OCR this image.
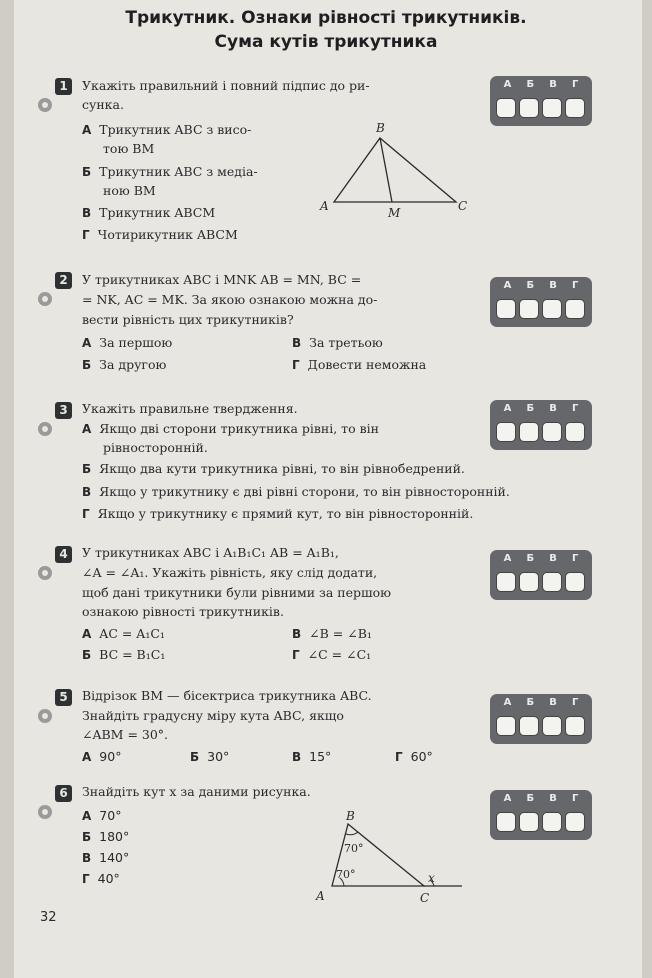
Трикутник. Ознаки рівності трикутників.
Сума кутів трикутника
А Б В Г
А Б В Г
А Б В Г
А Б В Г
А Б В Г
А Б В Г
1	Укажіть правильний і повний підпис до ри-
сунка.
А Трикутник ABC з висо-
тою BM
Б Трикутник ABC з медіа-
ною BM
В Трикутник ABCM
Г Чотирикутник ABCM
B
A	C
M
2	У трикутниках ABC і MNK AB = MN, BC =
= NK, AC = MK. За якою ознакою можна до-
вести рівність цих трикутників?
А За першою	В За третьою
Б За другою	Г Довести неможна
3	Укажіть правильне твердження.
А Якщо дві сторони трикутника рівні, то він
рівносторонній.
Б Якщо два кути трикутника рівні, то він рівнобедрений.
В Якщо у трикутнику є дві рівні сторони, то він рівносторонній.
Г Якщо у трикутнику є прямий кут, то він рівносторонній.
4	У трикутниках ABC і A₁B₁C₁ AB = A₁B₁,
∠A = ∠A₁. Укажіть рівність, яку слід додати,
щоб дані трикутники були рівними за першою
ознакою рівності трикутників.
А AC = A₁C₁	В ∠B = ∠B₁
Б BC = B₁C₁	Г ∠C = ∠C₁
5	Відрізок BM — бісектриса трикутника ABC.
Знайдіть градусну міру кута ABC, якщо
∠ABM = 30°.
А 90°	Б 30°	В 15°	Г 60°
6	Знайдіть кут x за даними рисунка.
А 70°
Б 180°
В 140°
Г 40°
B
A	C
x
70°
70°
32
